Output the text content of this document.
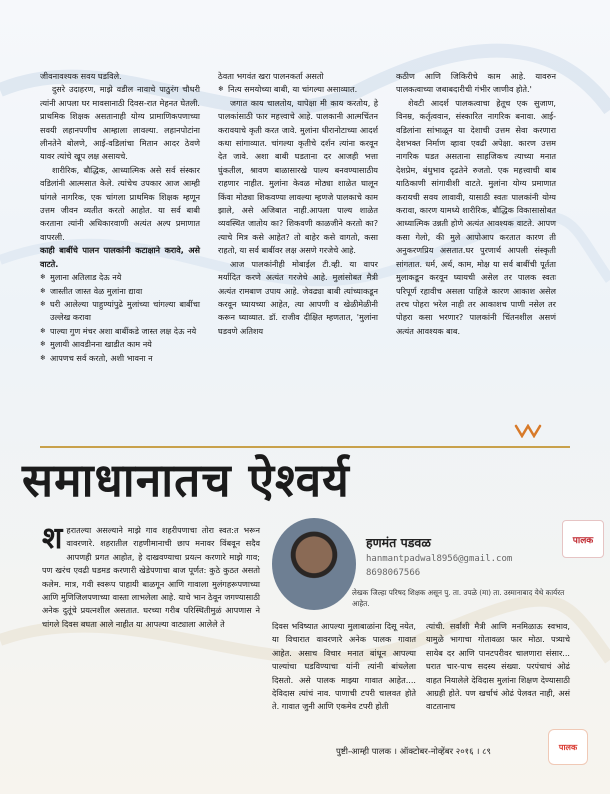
जीवनावश्यक सवय घडविले.

दुसरे उदाहरण, माझे वडील नावाचे पाठुरंग चौधरी त्यांनी आपला घर मावसानाठी दिवस-रात मेहनत घेतली. प्राथमिक शिक्षक असतानाही योग्य प्रामाणिकपणाच्या सवयी लहानपणीच आम्हाला लावल्या. लहानपोटांना लीनतेने बोलणे, आई-वडिलांचा मितान आदर ठेवणे यावर त्यांचे खूप लक्ष असायचे.

शारीरिक, बौद्धिक, आध्यात्मिक असे सर्व संस्कार वडिलांनी आत्मसात केले. त्यांचेच उपकार आज आम्ही घांगले नागरिक, एक चांगला प्राथमिक शिक्षक म्हणून उत्तम जीवन व्यतीत करतो आहोत. या सर्व बाबी करताना त्यांनी अधिकारवाणी अत्यंत अल्प प्रमाणात वापरली.

काही बाबींचे पालन पालकांनी कटाक्षाने करावे, असे वाटते.

❄ मुलाना अतिलाड देऊ नये
❄ जास्तीत जास्त वेळ मुलांना द्यावा
❄ घरी आलेल्या पाहुण्यांपुढे मुलांच्या चांगल्या बाबींचा उल्लेख करावा
❄ पाल्या गुण मंचर अशा बाबींकडे जास्त लक्ष देऊ नये
❄ मुलायी आवडीनना खाडीत काम नये
❄ आपणच सर्व करतो, अशी भावना न

ठेवता भगवंत खरा पालनकर्ता असतो

❄ नित्य समयोच्या बाबी, या चांगल्या असाव्यात.

जगात काय चालतोय, यापेक्षा मी काय करतोय, हे पालकांसाठी फार महत्त्वाचे आहे. पालकानी आत्मचिंतन करावयाचे कृती करत जावे. मुलांना धीरानोटाच्या आदर्श कथा सांगाव्यात. चांगल्या कृतीचे दर्शन त्यांना करवून देत जावे. अशा बाबी घडताना दर आजही भत्ता घुंकतील, श्रावण बाळासारखे पाल्य बनवण्यासाठीय राहणार नाहीत. मुलांना केवळ मोठ्या शाळेत घालून किंवा मोठ्या शिकवण्या लावल्या म्हणजे पालकाचे काम झाले, असे अजिबात नाही.आपला पाल्य शाळेत व्यवस्थित जातोय का? शिकवणी काळजीने करतो का? त्याचे मित्र कसे आहेत? तो बाहेर कसे वागतो, कसा राहतो, या सर्व बाबींवर लक्ष असणे गरजेचे आहे.

आज पालकांनीही मोबाईल टी.व्ही. या वापर मर्यादित करणे अत्यंत गरजेचे आहे. मुलांसोबत मैत्री अत्यंत रामबाण उपाय आहे. जेवढ्या बाबी त्यांच्याकडून करवून घ्यायच्या आहेत, त्या आपणी व खेळीमेळीनी करून घ्याव्यात. डॉ. राजीव दीक्षित म्हणतात, 'मुलांना घडवणे अतिशय

कठीण आणि जिकिरीचे काम आहे. यावरुन पालकत्वाच्या जबाबदारीची गंभीर जाणीव होते.'

शेवटी आदर्श पालकत्वाचा हेतूच एक सुजाण, विनम्र, कर्तृत्ववान, संस्कारित नागरिक बनावा. आई-वडिलांना सांभाळून या देशाची उत्तम सेवा करणारा देशभक्त निर्माण व्हावा एवढी अपेक्षा. कारण उत्तम नागरिक घडत असताना साहजिकच त्याच्या मनात देशप्रेम, बंधुभाव दृढतेने रुजतो. एक महत्त्वाची बाब याठिकाणी सांगावीशी वाटते. मुलांना योग्य प्रमाणात करायची सवय लावावी, यासाठी स्वतः पालकांनी योग्य करावा, कारण यामध्ये शारीरिक, बौद्धिक विकासासोबत आध्यात्मिक उन्नती होणे अत्यंत आवश्यक वाटते. आपण कसा गेलो, की मुले आपोआप करतात कारण ती अनुकरणप्रिय असतात.घर पुरणार्थ आपली संस्कृती सांगतात. धर्म, अर्थ, काम, मोक्ष या सर्व बाबींची पूर्तता मुलाकडून करवून घ्यायची असेल तर पालक स्वतः परिपूर्ण रहावीच असला पाहिजे कारण आकाश असेल तरच पोहरा भरेल नाही तर आकाशच पाणी नसेल तर पोहरा कसा भरणार? पालकांनी चिंतनशील असणं अत्यंत आवश्यक बाब.

समाधानातच ऐश्वर्य
पालक
हणमंत पडवळ
hanmantpadwal8956@gmail.com
8698067566
लेखक जिल्हा परिषद शिक्षक असून पु. ता. उपळे (मा) ता. उस्मानाबाद येथे कार्यरत आहेत.
श हरातल्या असल्याने माझे गाव शहरीपणाचा तोरा स्वत:त भरून वावरणारे. शहरातील राहणीमानाची छाप मनावर विंबवून सदैव आपणही प्रगत आहोत, हे दाखवण्याचा प्रयत्न करणारे माझे गाव; पण खरंच एवढी घडमड करणारी खेडेपणाचा बाज पूर्णत: कुठे कुठत असतो कलेम. मात्र, गवी स्वरूप पाहायी बाळगून आणि गावाला मुलंगहरूपणाच्या आणि मुणिजिलपणाच्या वास्ता लाभलेला आहे. याचे भान ठेवून जगण्यासाठी अनेक दुतूंचे प्रयत्नशील असतात. घरच्या गरीब परिस्थितीमुळं आपणास ने चांगले दिवस बघता आले नाहीत या आपल्या वाट्याला आलेले ते	दिवस भविष्यात आपल्या मुलाबाळांना दिसू नयेत, या विचारात वावरणारे अनेक पालक गावात आहेत. असाच विचार मनात बांधून आपल्या पाल्यांचा घडविण्याचा यांनी त्यांनी बांधलेला दिसतो. असे पालक माझ्या गावात आहेत.... देविदास त्यांचं नाव. पाणाची टपरी चालवत होते ते. गावात जुनी आणि एकमेव टपरी होती
त्यांची. सर्वांशी मैत्री आणि मनमिळाऊ स्वभाव, यामुळे भागाचा गोतावळा फार मोठा. पत्र्याचे सायेब दर आणि पानटपरीवर चालणारा संसार... घरात चार-पाच सदस्य संख्या. परपंचाचं ओढं वाहत नियालेले देविदास मुलांना शिक्षण देण्यासाठी आग्रही होते. पण खर्चाचं ओढं पेलवत नाही, असं वाटतानाच
पुष्टी-आम्ही पालक । ऑक्टोबर-नोव्हेंबर २०१६ । ८९	पालक
